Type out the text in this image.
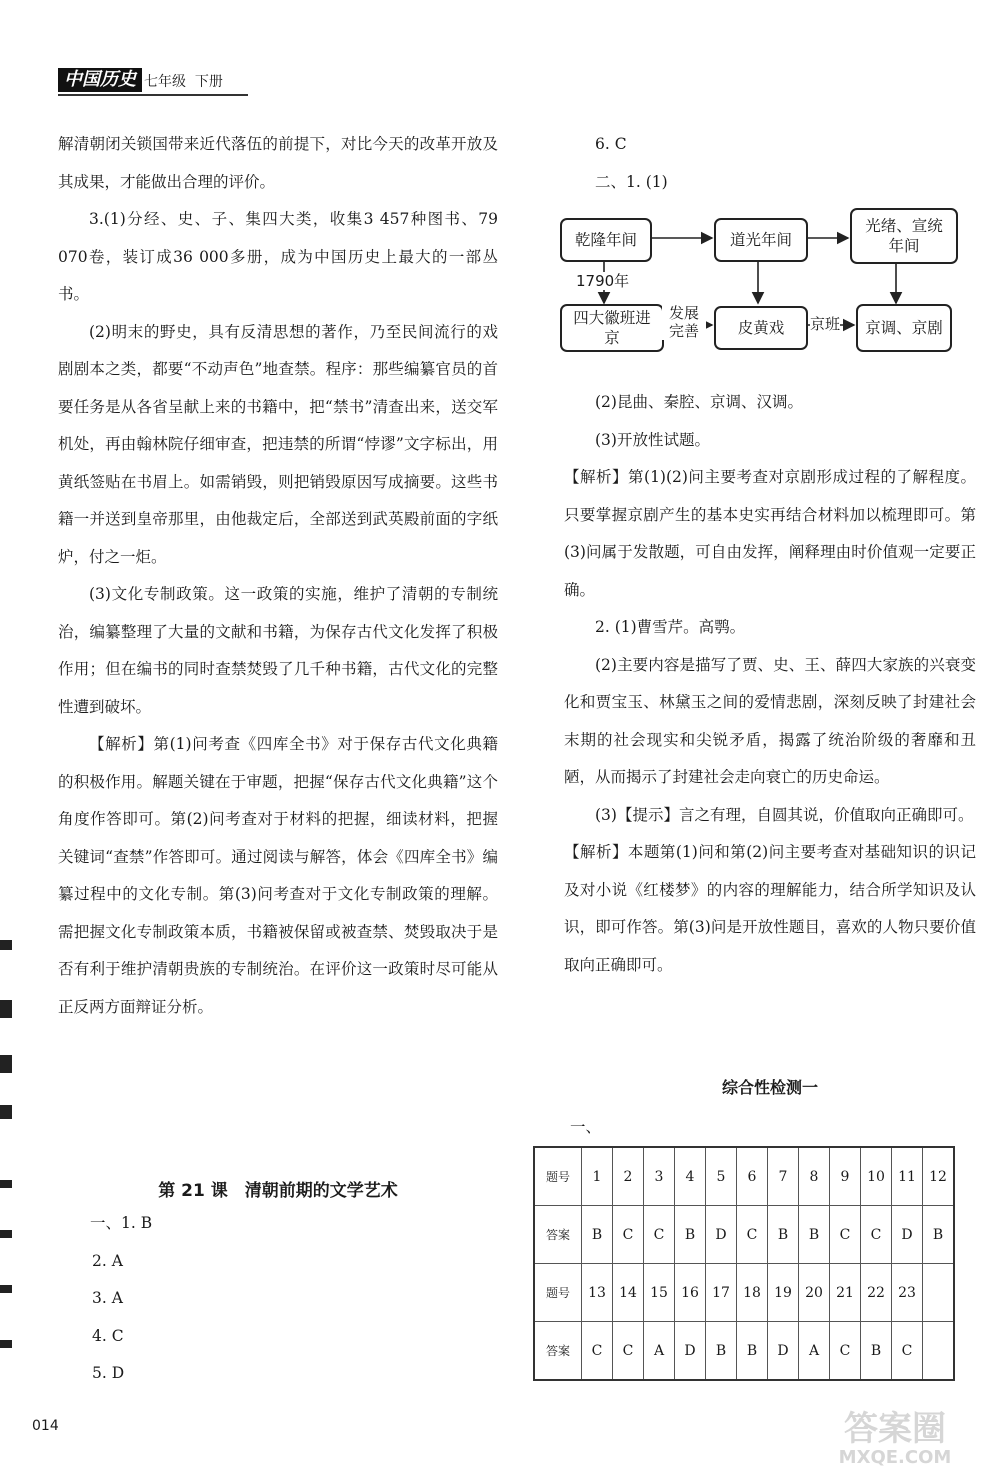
中国历史 七年级 下册

解清朝闭关锁国带来近代落伍的前提下，对比今天的改革开放及其成果，才能做出合理的评价。

3.(1)分经、史、子、集四大类，收集3 457种图书、79 070卷，装订成36 000多册，成为中国历史上最大的一部丛书。

(2)明末的野史，具有反清思想的著作，乃至民间流行的戏剧剧本之类，都要“不动声色”地查禁。程序：那些编纂官员的首要任务是从各省呈献上来的书籍中，把“禁书”清查出来，送交军机处，再由翰林院仔细审查，把违禁的所谓“悖谬”文字标出，用黄纸签贴在书眉上。如需销毁，则把销毁原因写成摘要。这些书籍一并送到皇帝那里，由他裁定后，全部送到武英殿前面的字纸炉，付之一炬。

(3)文化专制政策。这一政策的实施，维护了清朝的专制统治，编纂整理了大量的文献和书籍，为保存古代文化发挥了积极作用；但在编书的同时查禁焚毁了几千种书籍，古代文化的完整性遭到破坏。

【解析】第(1)问考查《四库全书》对于保存古代文化典籍的积极作用。解题关键在于审题，把握“保存古代文化典籍”这个角度作答即可。第(2)问考查对于材料的把握，细读材料，把握关键词“查禁”作答即可。通过阅读与解答，体会《四库全书》编纂过程中的文化专制。第(3)问考查对于文化专制政策的理解。需把握文化专制政策本质，书籍被保留或被查禁、焚毁取决于是否有利于维护清朝贵族的专制统治。在评价这一政策时尽可能从正反两方面辩证分析。

第 21 课　清朝前期的文学艺术
一、1. B
2. A
3. A
4. C
5. D

6. C

二、1. (1)

(2)昆曲、秦腔、京调、汉调。

(3)开放性试题。

【解析】第(1)(2)问主要考查对京剧形成过程的了解程度。只要掌握京剧产生的基本史实再结合材料加以梳理即可。第(3)问属于发散题，可自由发挥，阐释理由时价值观一定要正确。

2. (1)曹雪芹。高鹗。

(2)主要内容是描写了贾、史、王、薛四大家族的兴衰变化和贾宝玉、林黛玉之间的爱情悲剧，深刻反映了封建社会末期的社会现实和尖锐矛盾，揭露了统治阶级的奢靡和丑陋，从而揭示了封建社会走向衰亡的历史命运。

(3)【提示】言之有理，自圆其说，价值取向正确即可。

【解析】本题第(1)问和第(2)问主要考查对基础知识的识记及对小说《红楼梦》的内容的理解能力，结合所学知识及认识，即可作答。第(3)问是开放性题目，喜欢的人物只要价值取向正确即可。

乾隆年间	道光年间
光绪、宣统年间
1790年
四大徽班进京
发展完善	皮黄戏	京班	京调、京剧
综合性检测一
一、
题号	1	2	3	4	5	6	7	8	9	10	11	12
答案	B	C	C	B	D	C	B	B	C	C	D	B
题号	13	14	15	16	17	18	19	20	21	22	23	
答案	C	C	A	D	B	B	D	A	C	B	C	
014	答案圈
MXQE.COM
